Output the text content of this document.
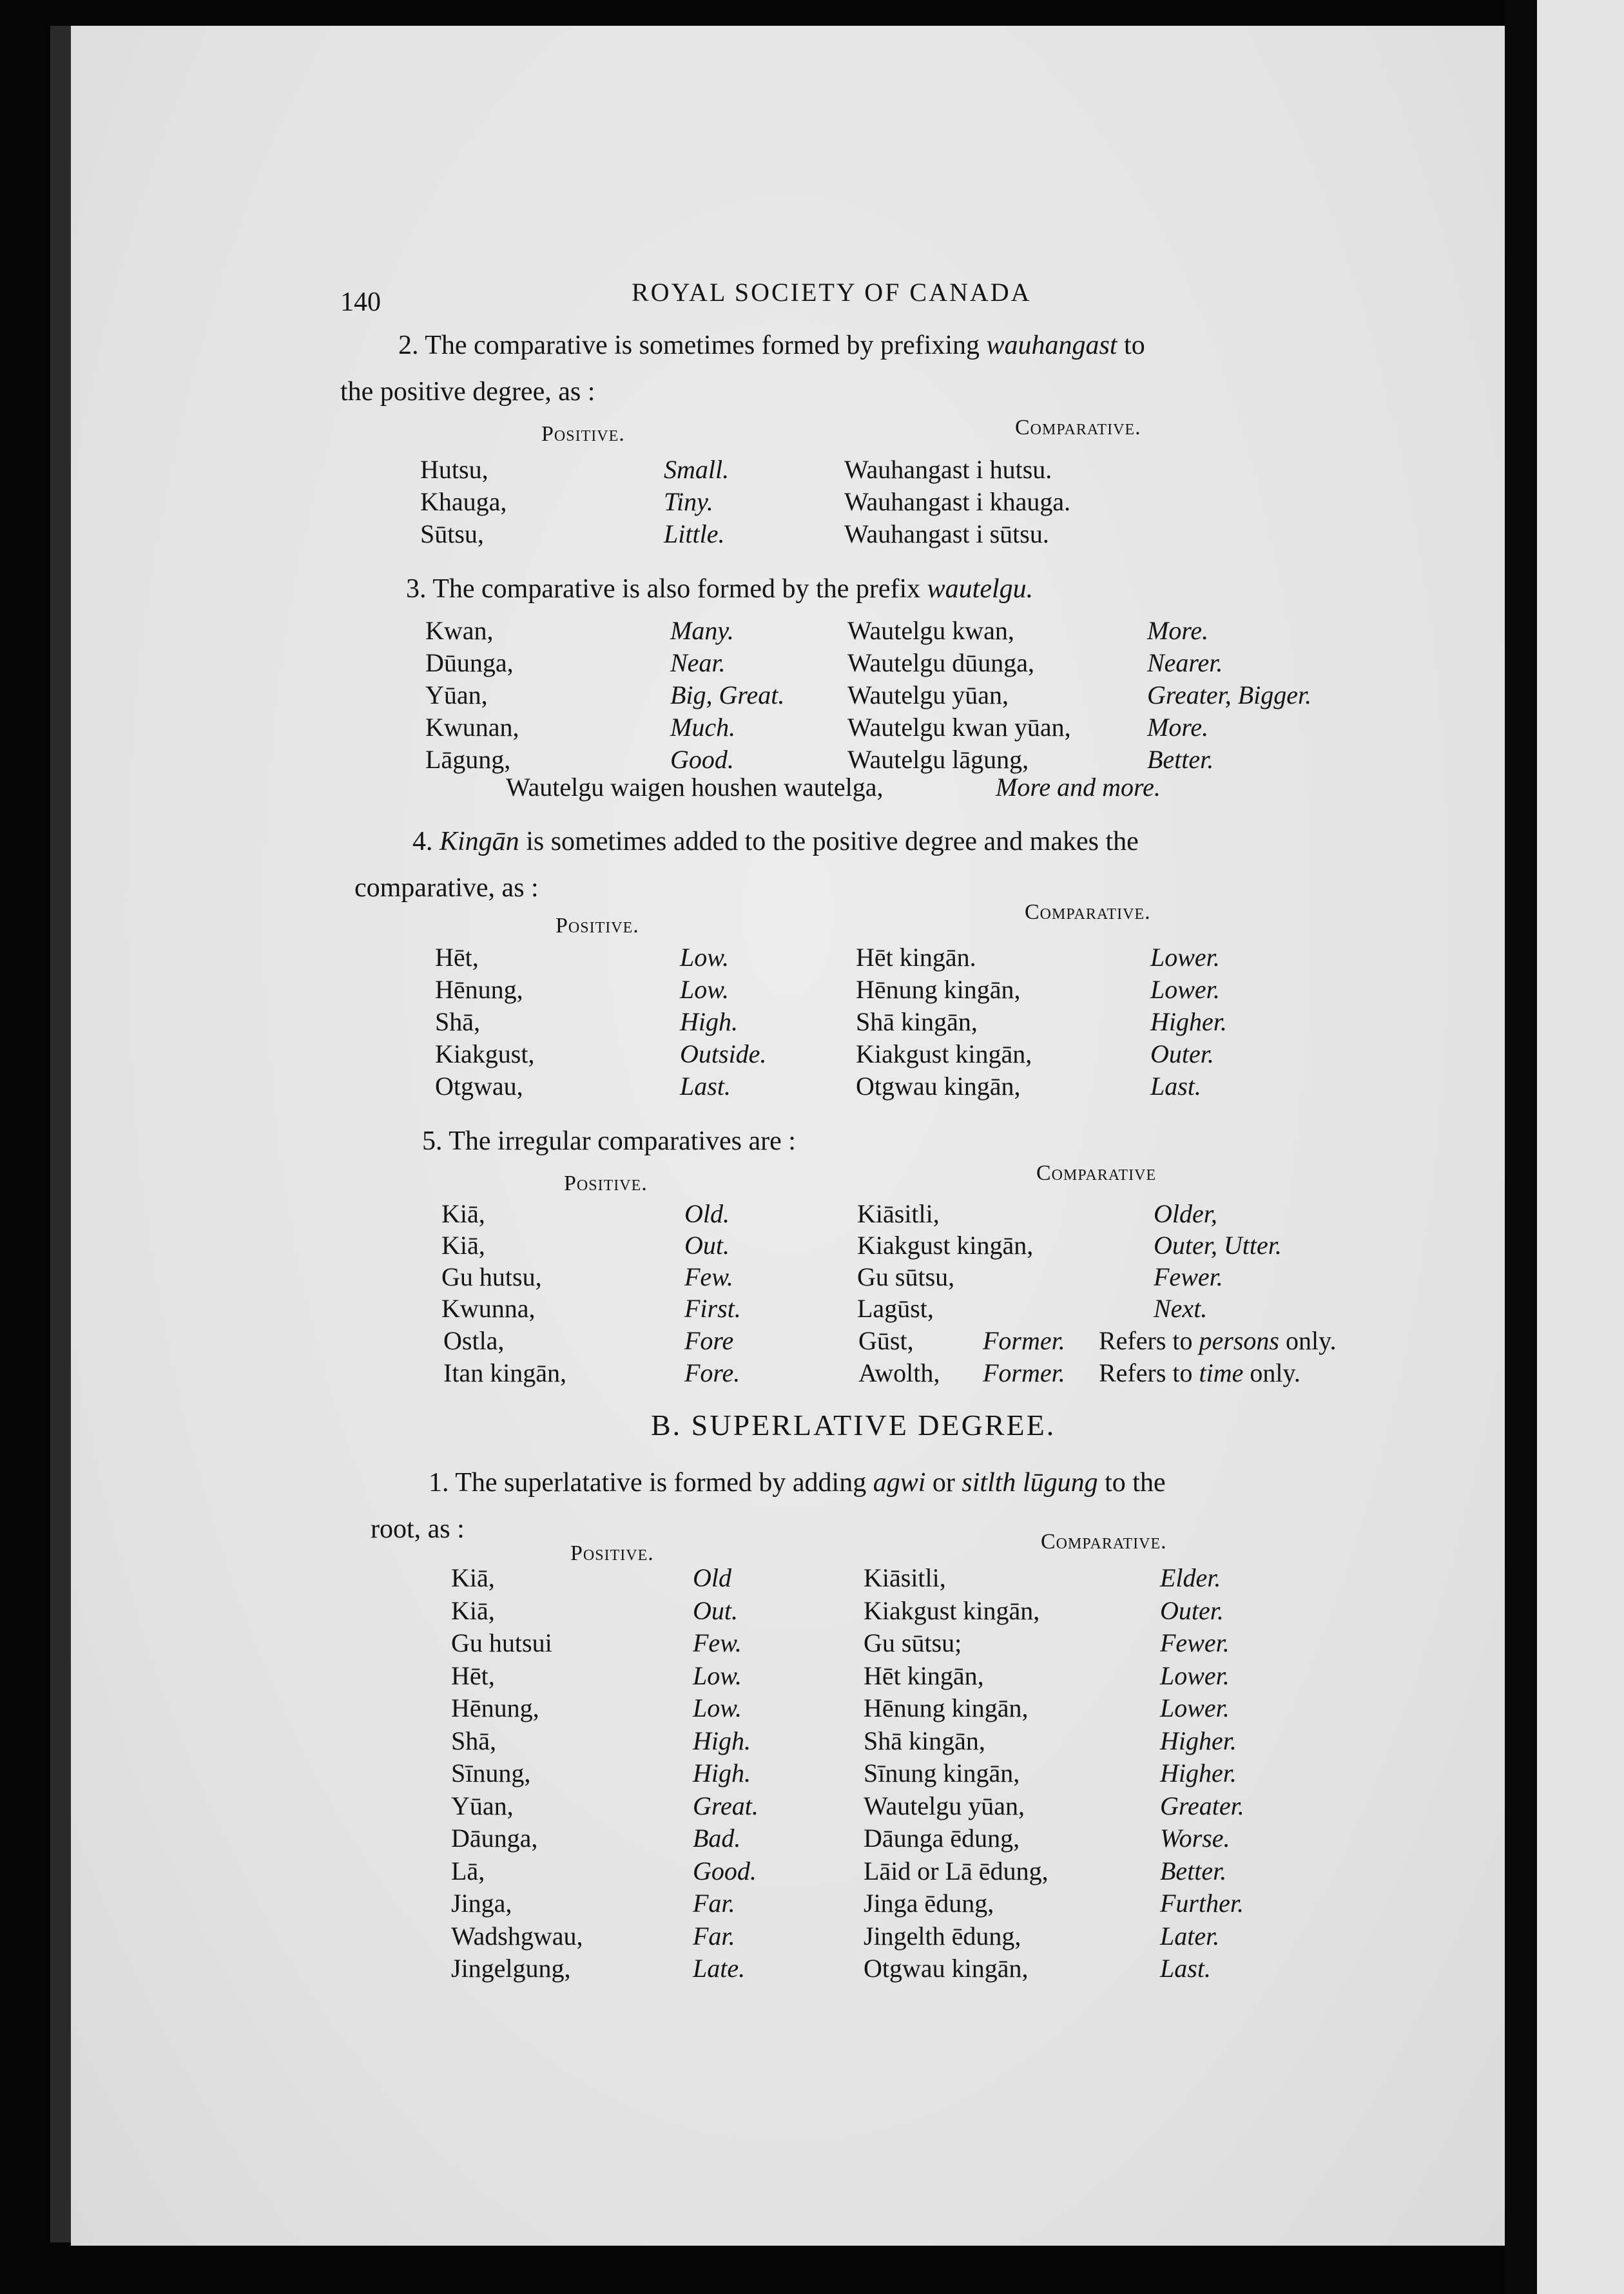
140	ROYAL SOCIETY OF CANADA

2. The comparative is sometimes formed by prefixing wauhangast to
the positive degree, as :

Positive.	Comparative.
Hutsu,	Small.	Wauhangast i hutsu.
Khauga,	Tiny.	Wauhangast i khauga.
Sūtsu,	Little.	Wauhangast i sūtsu.

3. The comparative is also formed by the prefix wautelgu.

Kwan,	Many.	Wautelgu kwan,	More.
Dūunga,	Near.	Wautelgu dūunga,	Nearer.
Yūan,	Big, Great. Wautelgu yūan,	Greater, Bigger.
Kwunan,	Much.	Wautelgu kwan yūan,	More.
Lāgung,	Good.	Wautelgu lāgung,	Better.
Wautelgu waigen houshen wautelga,	More and more.

4. Kingān is sometimes added to the positive degree and makes the
comparative, as :

Positive.
Comparative.
Hēt,	Low.	Hēt kingān.	Lower.
Hēnung,	Low.	Hēnung kingān,	Lower.
Shā,	High.	Shā kingān,	Higher.
Kiakgust,	Outside.	Kiakgust kingān,	Outer.
Otgwau,	Last.	Otgwau kingān,	Last.

5. The irregular comparatives are :

Positive.	Comparative
Kiā,	Old.	Kiāsitli,	Older,
Kiā,	Out.	Kiakgust kingān,	Outer, Utter.
Gu hutsu,	Few.	Gu sūtsu,	Fewer.
Kwunna,	First.	Lagūst,	Next.
Ostla,	Fore	Gūst,	Former. Refers to persons only.
Itan kingān,	Fore.	Awolth, Former. Refers to time only.
B. SUPERLATIVE DEGREE.

1. The superlatative is formed by adding agwi or sitlth lūgung to the
root, as :

Positive.	Comparative.
Kiā,	Old	Kiāsitli,	Elder.
Kiā,	Out.	Kiakgust kingān,	Outer.
Gu hutsui	Few.	Gu sūtsu;	Fewer.
Hēt,	Low.	Hēt kingān,	Lower.
Hēnung,	Low.	Hēnung kingān,	Lower.
Shā,	High.	Shā kingān,	Higher.
Sīnung,	High.	Sīnung kingān,	Higher.
Yūan,	Great.	Wautelgu yūan,	Greater.
Dāunga,	Bad.	Dāunga ēdung,	Worse.
Lā,	Good.	Lāid or Lā ēdung,	Better.
Jinga,	Far.	Jinga ēdung,	Further.
Wadshgwau,	Far.	Jingelth ēdung,	Later.
Jingelgung,	Late.	Otgwau kingān,	Last.
